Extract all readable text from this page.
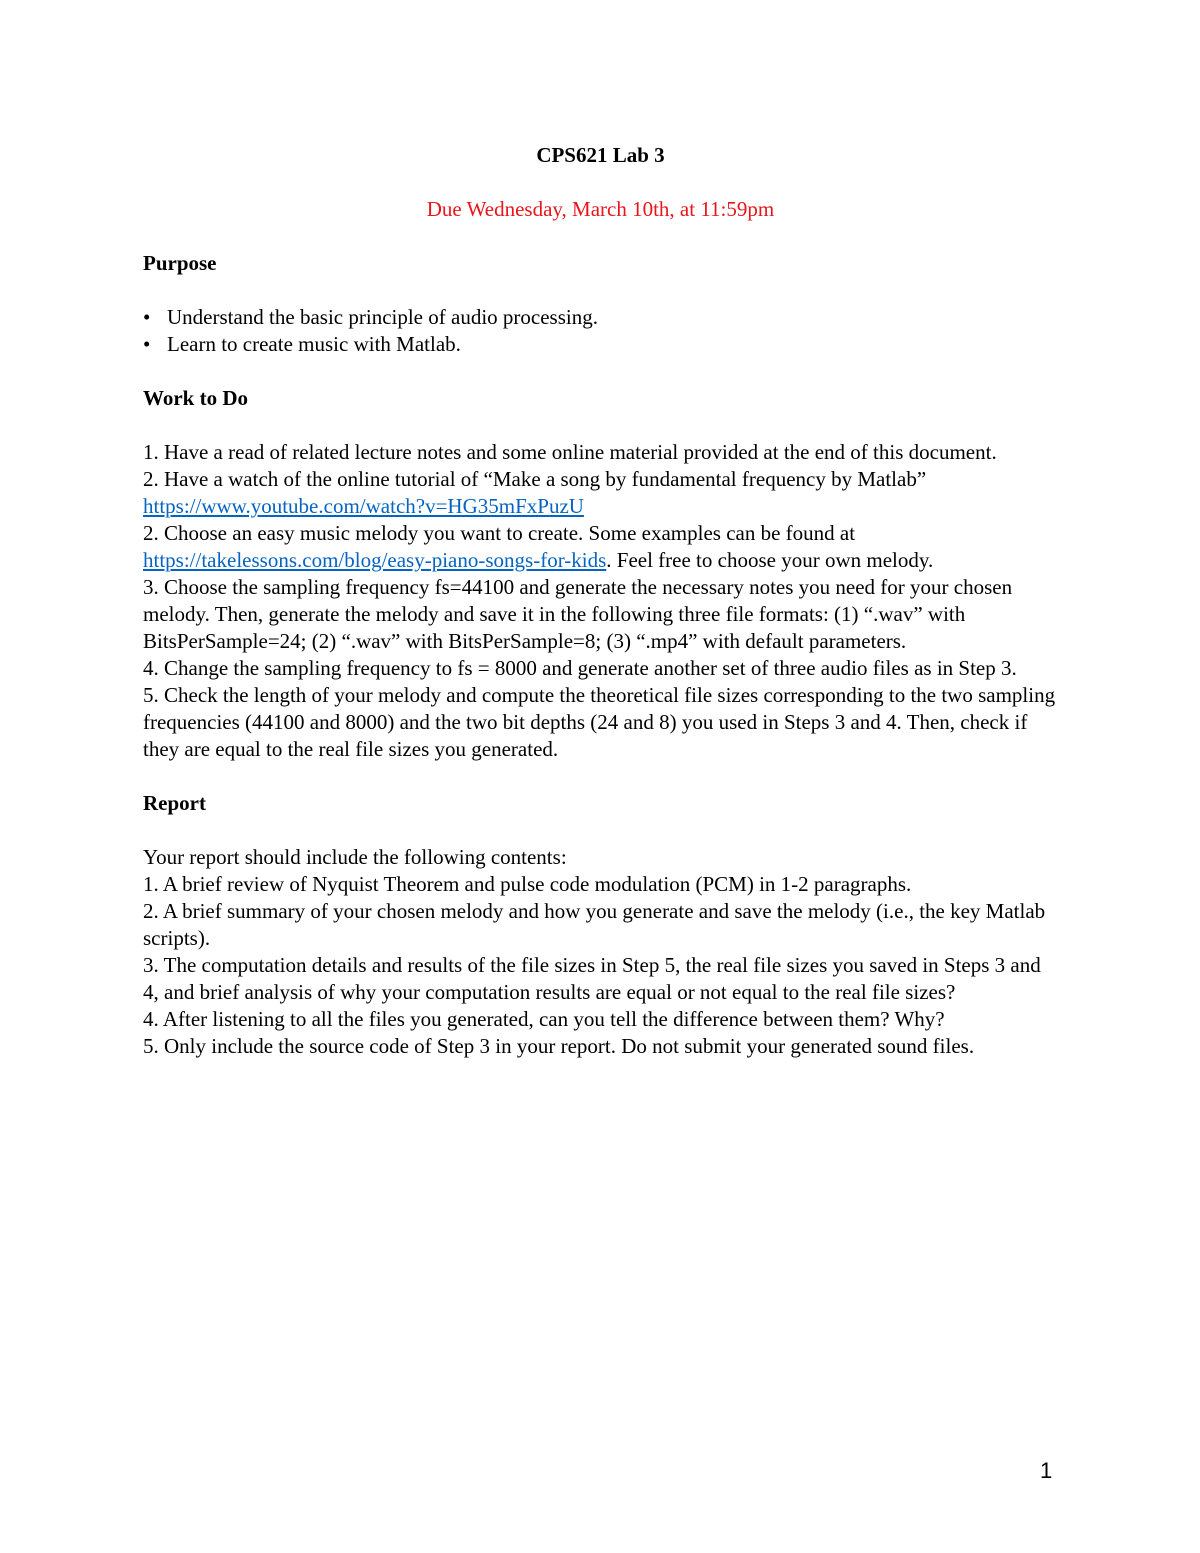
CPS621 Lab 3

Due Wednesday, March 10th, at 11:59pm

Purpose

• Understand the basic principle of audio processing.
• Learn to create music with Matlab.

Work to Do

1. Have a read of related lecture notes and some online material provided at the end of this document.

2. Have a watch of the online tutorial of “Make a song by fundamental frequency by Matlab”
https://www.youtube.com/watch?v=HG35mFxPuzU

2. Choose an easy music melody you want to create. Some examples can be found at
https://takelessons.com/blog/easy-piano-songs-for-kids. Feel free to choose your own melody.

3. Choose the sampling frequency fs=44100 and generate the necessary notes you need for your chosen melody. Then, generate the melody and save it in the following three file formats: (1) “.wav” with BitsPerSample=24; (2) “.wav” with BitsPerSample=8; (3) “.mp4” with default parameters.

4. Change the sampling frequency to fs = 8000 and generate another set of three audio files as in Step 3.

5. Check the length of your melody and compute the theoretical file sizes corresponding to the two sampling frequencies (44100 and 8000) and the two bit depths (24 and 8) you used in Steps 3 and 4. Then, check if they are equal to the real file sizes you generated.

Report

Your report should include the following contents:

1. A brief review of Nyquist Theorem and pulse code modulation (PCM) in 1-2 paragraphs.

2. A brief summary of your chosen melody and how you generate and save the melody (i.e., the key Matlab scripts).

3. The computation details and results of the file sizes in Step 5, the real file sizes you saved in Steps 3 and 4, and brief analysis of why your computation results are equal or not equal to the real file sizes?

4. After listening to all the files you generated, can you tell the difference between them? Why?

5. Only include the source code of Step 3 in your report. Do not submit your generated sound files.

1
